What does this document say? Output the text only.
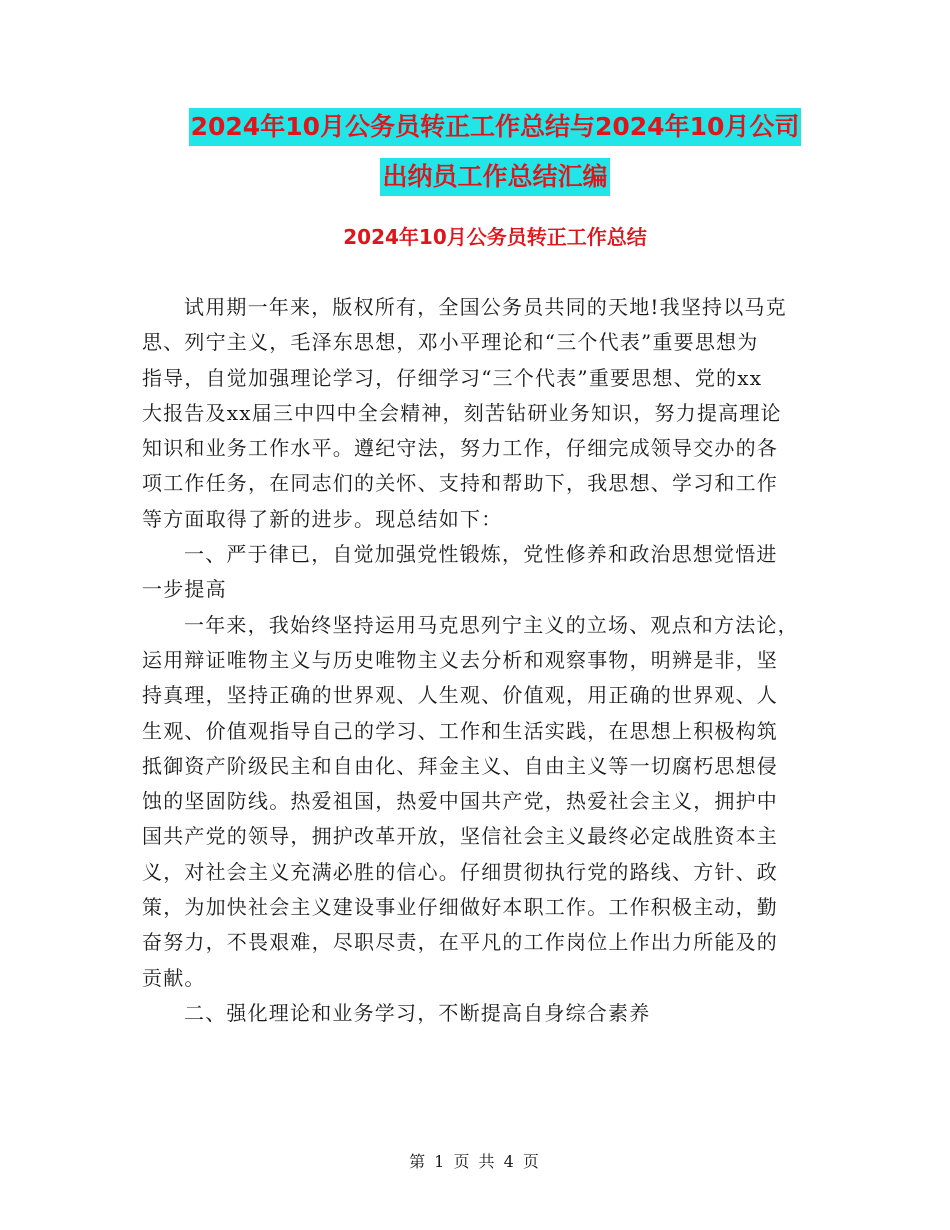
2024年10月公务员转正工作总结与2024年10月公司
出纳员工作总结汇编
2024年10月公务员转正工作总结
试用期一年来，版权所有，全国公务员共同的天地!我坚持以马克
思、列宁主义，毛泽东思想，邓小平理论和“三个代表”重要思想为
指导，自觉加强理论学习，仔细学习“三个代表”重要思想、党的xx
大报告及xx届三中四中全会精神，刻苦钻研业务知识，努力提高理论
知识和业务工作水平。遵纪守法，努力工作，仔细完成领导交办的各
项工作任务，在同志们的关怀、支持和帮助下，我思想、学习和工作
等方面取得了新的进步。现总结如下：
一、严于律已，自觉加强党性锻炼，党性修养和政治思想觉悟进
一步提高
一年来，我始终坚持运用马克思列宁主义的立场、观点和方法论，
运用辩证唯物主义与历史唯物主义去分析和观察事物，明辨是非，坚
持真理，坚持正确的世界观、人生观、价值观，用正确的世界观、人
生观、价值观指导自己的学习、工作和生活实践，在思想上积极构筑
抵御资产阶级民主和自由化、拜金主义、自由主义等一切腐朽思想侵
蚀的坚固防线。热爱祖国，热爱中国共产党，热爱社会主义，拥护中
国共产党的领导，拥护改革开放，坚信社会主义最终必定战胜资本主
义，对社会主义充满必胜的信心。仔细贯彻执行党的路线、方针、政
策，为加快社会主义建设事业仔细做好本职工作。工作积极主动，勤
奋努力，不畏艰难，尽职尽责，在平凡的工作岗位上作出力所能及的
贡献。
二、强化理论和业务学习，不断提高自身综合素养
第 1 页 共 4 页
